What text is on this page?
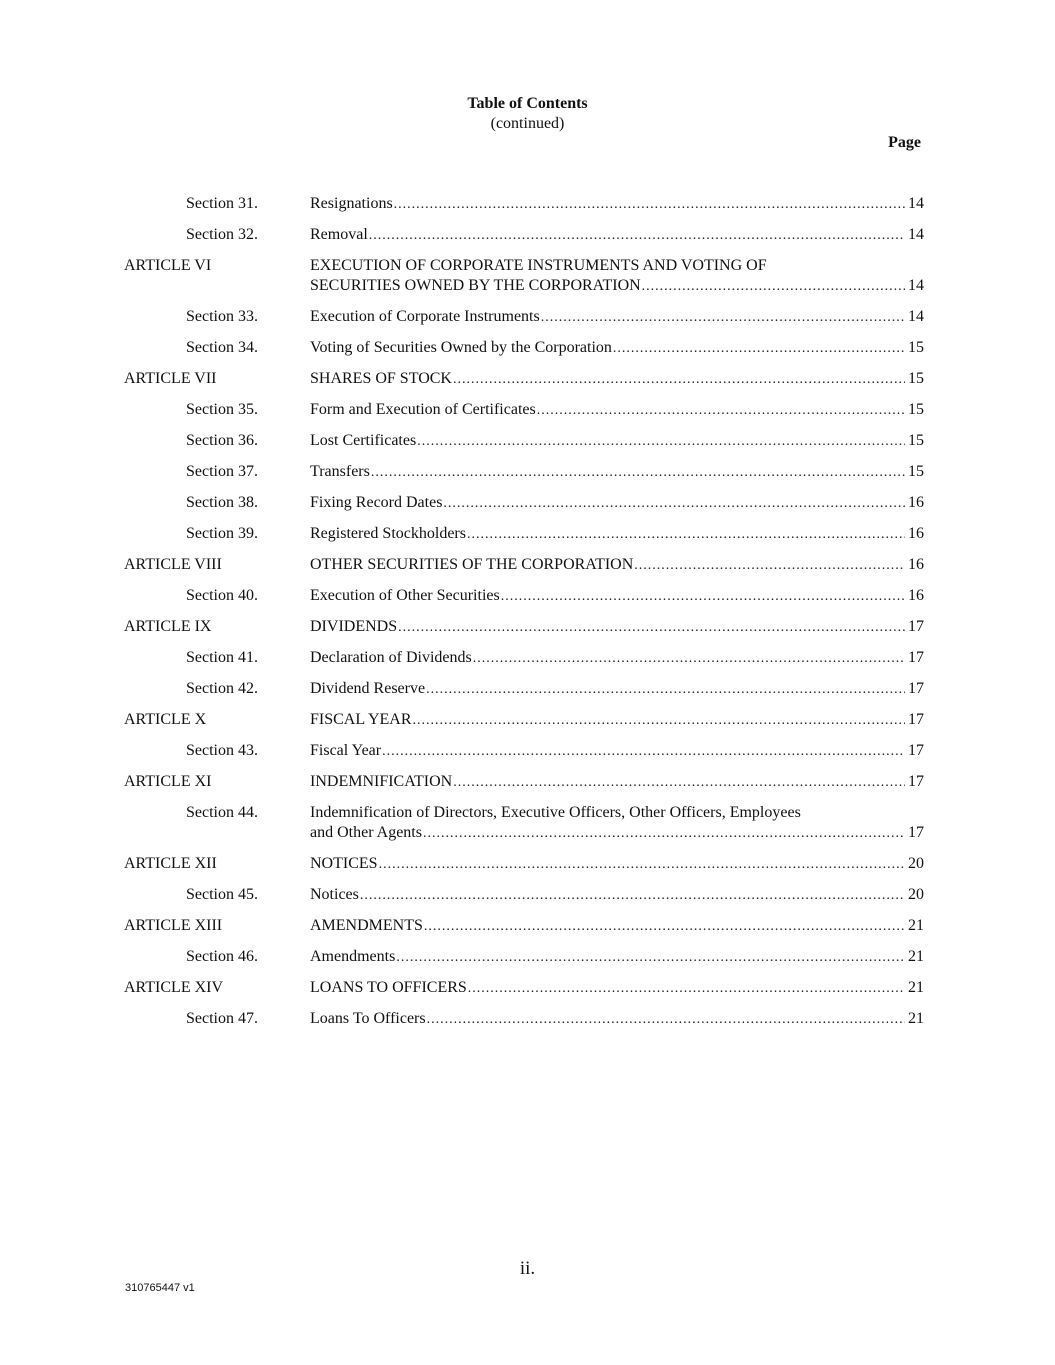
Table of Contents
(continued)
Page
Section 31.	Resignations .....	14
Section 32.	Removal .....	14
ARTICLE VI	EXECUTION OF CORPORATE INSTRUMENTS AND VOTING OF
SECURITIES OWNED BY THE CORPORATION .....	14
Section 33.	Execution of Corporate Instruments .....	14
Section 34.	Voting of Securities Owned by the Corporation .....	15
ARTICLE VII	SHARES OF STOCK .....	15
Section 35.	Form and Execution of Certificates .....	15
Section 36.	Lost Certificates .....	15
Section 37.	Transfers .....	15
Section 38.	Fixing Record Dates .....	16
Section 39.	Registered Stockholders .....	16
ARTICLE VIII	OTHER SECURITIES OF THE CORPORATION .....	16
Section 40.	Execution of Other Securities .....	16
ARTICLE IX	DIVIDENDS .....	17
Section 41.	Declaration of Dividends .....	17
Section 42.	Dividend Reserve .....	17
ARTICLE X	FISCAL YEAR .....	17
Section 43.	Fiscal Year .....	17
ARTICLE XI	INDEMNIFICATION .....	17
Section 44.	Indemnification of Directors, Executive Officers, Other Officers, Employees
and Other Agents .....	17
ARTICLE XII	NOTICES .....	20
Section 45.	Notices .....	20
ARTICLE XIII	AMENDMENTS .....	21
Section 46.	Amendments .....	21
ARTICLE XIV	LOANS TO OFFICERS .....	21
Section 47.	Loans To Officers .....	21
ii.
310765447 v1
